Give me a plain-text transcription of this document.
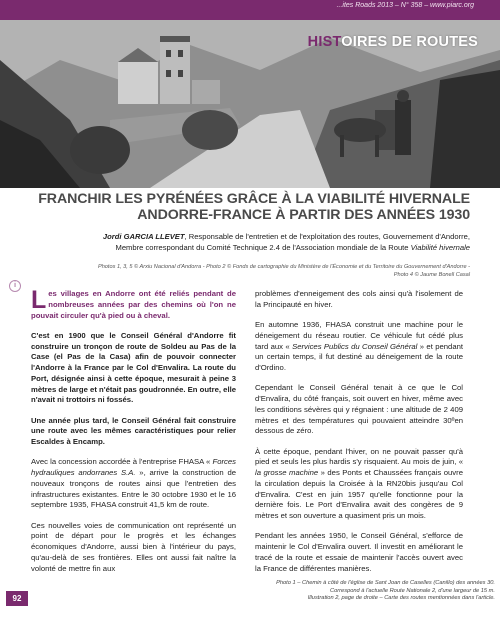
...ites Roads 2013 – N° 358 – www.piarc.org
HISTOIRES DE ROUTES
FRANCHIR LES PYRÉNÉES GRÂCE À LA VIABILITÉ HIVERNALE
ANDORRE-FRANCE À PARTIR DES ANNÉES 1930
Jordi GARCIA LLEVET, Responsable de l'entretien et de l'exploitation des routes, Gouvernement d'Andorre,
Membre correspondant du Comité Technique 2.4 de l'Association mondiale de la Route Viabilité hivernale
Photos 1, 3, 5 © Arxiu Nacional d'Andorra - Photo 2 © Fonds de cartographie du Ministère de l'Économie et du Territoire du Gouvernement d'Andorre -
Photo 4 © Jaume Bonell Casal
i

Les villages en Andorre ont été reliés pendant de nombreuses années par des chemins où l'on ne pouvait circuler qu'à pied ou à cheval.

C'est en 1900 que le Conseil Général d'Andorre fit construire un tronçon de route de Soldeu au Pas de la Case (el Pas de la Casa) afin de pouvoir connecter l'Andorre à la France par le Col d'Envalira. La route du Port, désignée ainsi à cette époque, mesurait à peine 3 mètres de large et n'était pas goudronnée. En outre, elle n'avait ni trottoirs ni fossés.

Une année plus tard, le Conseil Général fait construire une route avec les mêmes caractéristiques pour relier Escaldes à Encamp.

Avec la concession accordée à l'entreprise FHASA « Forces hydrauliques andorranes S.A. », arrive la construction de nouveaux tronçons de routes ainsi que l'entretien des infrastructures existantes. Entre le 30 octobre 1930 et le 16 septembre 1935, FHASA construit 41,5 km de route.

Ces nouvelles voies de communication ont représenté un point de départ pour le progrès et les échanges économiques d'Andorre, aussi bien à l'intérieur du pays, qu'au-delà de ses frontières. Elles ont aussi fait naître la volonté de mettre fin aux

problèmes d'enneigement des cols ainsi qu'à l'isolement de la Principauté en hiver.

En automne 1936, FHASA construit une machine pour le déneigement du réseau routier. Ce véhicule fut cédé plus tard aux « Services Publics du Conseil Général » et pendant un certain temps, il fut destiné au déneigement de la route d'Ordino.

Cependant le Conseil Général tenait à ce que le Col d'Envalira, du côté français, soit ouvert en hiver, même avec les conditions sévères qui y régnaient : une altitude de 2 409 mètres et des températures qui pouvaient atteindre 30ºen dessous de zéro.

À cette époque, pendant l'hiver, on ne pouvait passer qu'à pied et seuls les plus hardis s'y risquaient. Au mois de juin, « la grosse machine » des Ponts et Chaussées français ouvre la circulation depuis la Croisée à la RN20bis jusqu'au Col d'Envalira. C'est en juin 1957 qu'elle fonctionne pour la dernière fois. Le Port d'Envalira avait des congères de 9 mètres et son ouverture a quasiment pris un mois.

Pendant les années 1950, le Conseil Général, s'efforce de maintenir le Col d'Envalira ouvert. Il investit en améliorant le tracé de la route et essaie de maintenir l'accès ouvert avec la France de différentes manières.

Photo 1 – Chemin à côté de l'église de Sant Joan de Caselles (Canillo) des années 30.
Correspond à l'actuelle Route Nationale 2, d'une largeur de 15 m.
Illustration 2, page de droite – Carte des routes mentionnées dans l'article.
92
